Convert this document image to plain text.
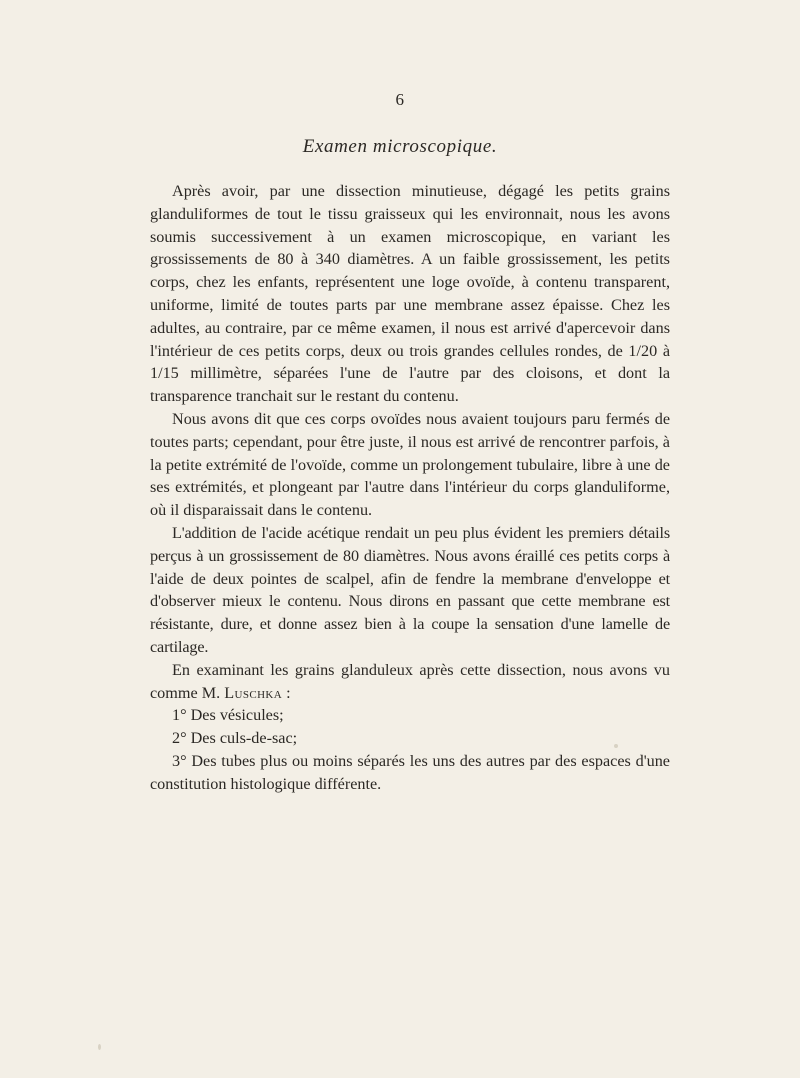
6
Examen microscopique.

Après avoir, par une dissection minutieuse, dégagé les petits grains glanduliformes de tout le tissu graisseux qui les environnait, nous les avons soumis successivement à un examen microscopique, en variant les grossissements de 80 à 340 diamètres. A un faible grossissement, les petits corps, chez les enfants, représentent une loge ovoïde, à contenu transparent, uniforme, limité de toutes parts par une membrane assez épaisse. Chez les adultes, au contraire, par ce même examen, il nous est arrivé d'apercevoir dans l'intérieur de ces petits corps, deux ou trois grandes cellules rondes, de 1/20 à 1/15 millimètre, séparées l'une de l'autre par des cloisons, et dont la transparence tranchait sur le restant du contenu.

Nous avons dit que ces corps ovoïdes nous avaient toujours paru fermés de toutes parts; cependant, pour être juste, il nous est arrivé de rencontrer parfois, à la petite extrémité de l'ovoïde, comme un prolongement tubulaire, libre à une de ses extrémités, et plongeant par l'autre dans l'intérieur du corps glanduliforme, où il disparaissait dans le contenu.

L'addition de l'acide acétique rendait un peu plus évident les premiers détails perçus à un grossissement de 80 diamètres. Nous avons éraillé ces petits corps à l'aide de deux pointes de scalpel, afin de fendre la membrane d'enveloppe et d'observer mieux le contenu. Nous dirons en passant que cette membrane est résistante, dure, et donne assez bien à la coupe la sensation d'une lamelle de cartilage.

En examinant les grains glanduleux après cette dissection, nous avons vu comme M. Luschka :

1° Des vésicules;

2° Des culs-de-sac;

3° Des tubes plus ou moins séparés les uns des autres par des espaces d'une constitution histologique différente.
